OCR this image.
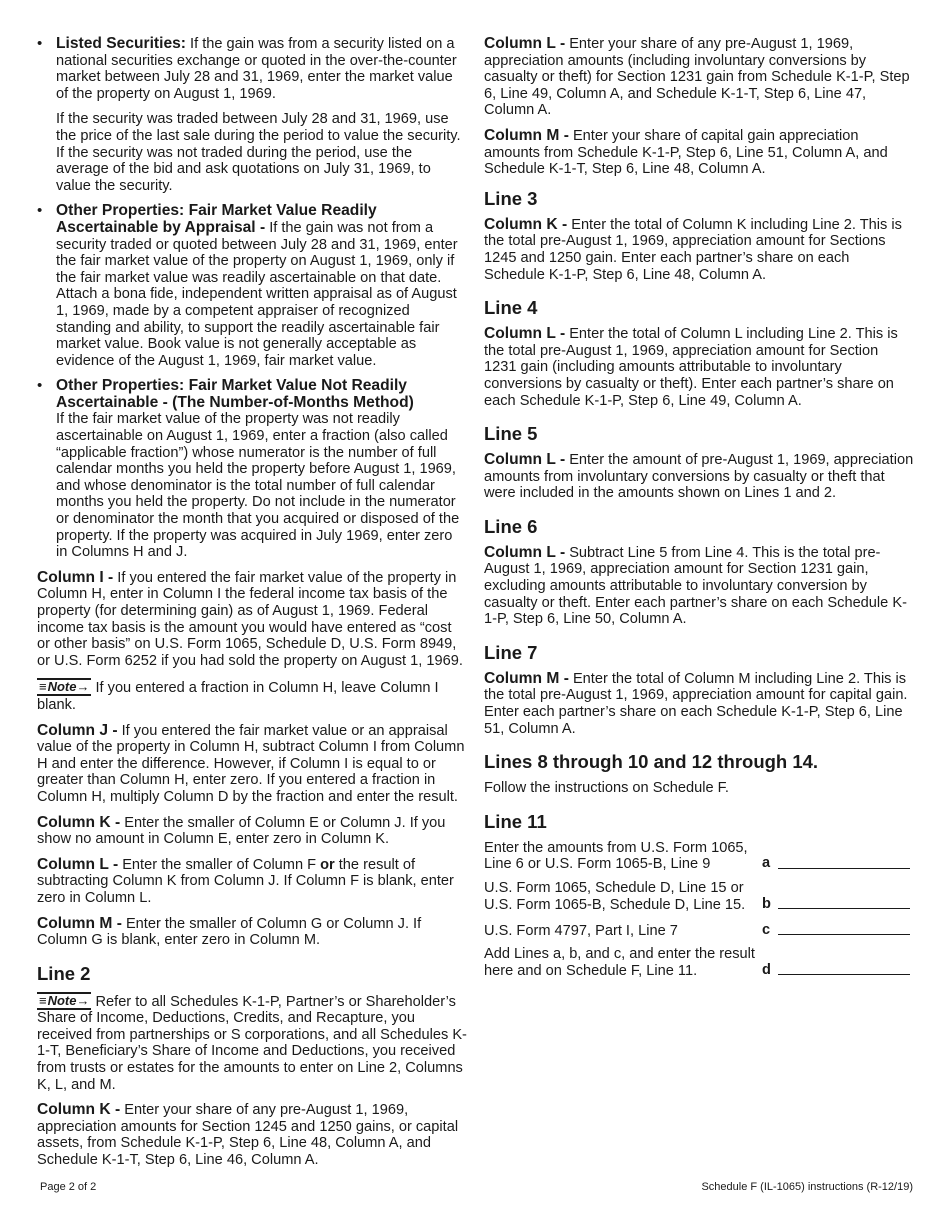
• Listed Securities: If the gain was from a security listed on a national securities exchange or quoted in the over-the-counter market between July 28 and 31, 1969, enter the market value of the property on August 1, 1969.

If the security was traded between July 28 and 31, 1969, use the price of the last sale during the period to value the security. If the security was not traded during the period, use the average of the bid and ask quotations on July 31, 1969, to value the security.

• Other Properties: Fair Market Value Readily Ascertainable by Appraisal - If the gain was not from a security traded or quoted between July 28 and 31, 1969, enter the fair market value of the property on August 1, 1969, only if the fair market value was readily ascertainable on that date. Attach a bona fide, independent written appraisal as of August 1, 1969, made by a competent appraiser of recognized standing and ability, to support the readily ascertainable fair market value. Book value is not generally acceptable as evidence of the August 1, 1969, fair market value.

• Other Properties: Fair Market Value Not Readily Ascertainable - (The Number-of-Months Method)
If the fair market value of the property was not readily ascertainable on August 1, 1969, enter a fraction (also called “applicable fraction”) whose numerator is the number of full calendar months you held the property before August 1, 1969, and whose denominator is the total number of full calendar months you held the property. Do not include in the numerator or denominator the month that you acquired or disposed of the property. If the property was acquired in July 1969, enter zero in Columns H and J.

Column I - If you entered the fair market value of the property in Column H, enter in Column I the federal income tax basis of the property (for determining gain) as of August 1, 1969. Federal income tax basis is the amount you would have entered as “cost or other basis” on U.S. Form 1065, Schedule D, U.S. Form 8949, or U.S. Form 6252 if you had sold the property on August 1, 1969.

≡Note→ If you entered a fraction in Column H, leave Column I blank.

Column J - If you entered the fair market value or an appraisal value of the property in Column H, subtract Column I from Column H and enter the difference. However, if Column I is equal to or greater than Column H, enter zero. If you entered a fraction in Column H, multiply Column D by the fraction and enter the result.

Column K - Enter the smaller of Column E or Column J. If you show no amount in Column E, enter zero in Column K.

Column L - Enter the smaller of Column F or the result of subtracting Column K from Column J. If Column F is blank, enter zero in Column L.

Column M - Enter the smaller of Column G or Column J. If Column G is blank, enter zero in Column M.

Line 2

≡Note→ Refer to all Schedules K-1-P, Partner’s or Shareholder’s Share of Income, Deductions, Credits, and Recapture, you received from partnerships or S corporations, and all Schedules K-1-T, Beneficiary’s Share of Income and Deductions, you received from trusts or estates for the amounts to enter on Line 2, Columns K, L, and M.

Column K - Enter your share of any pre-August 1, 1969, appreciation amounts for Section 1245 and 1250 gains, or capital assets, from Schedule K-1-P, Step 6, Line 48, Column A, and Schedule K-1-T, Step 6, Line 46, Column A.

Column L - Enter your share of any pre-August 1, 1969, appreciation amounts (including involuntary conversions by casualty or theft) for Section 1231 gain from Schedule K-1-P, Step 6, Line 49, Column A, and Schedule K-1-T, Step 6, Line 47, Column A.

Column M - Enter your share of capital gain appreciation amounts from Schedule K-1-P, Step 6, Line 51, Column A, and Schedule K-1-T, Step 6, Line 48, Column A.

Line 3

Column K - Enter the total of Column K including Line 2. This is the total pre-August 1, 1969, appreciation amount for Sections 1245 and 1250 gain. Enter each partner’s share on each Schedule K-1-P, Step 6, Line 48, Column A.

Line 4

Column L - Enter the total of Column L including Line 2. This is the total pre-August 1, 1969, appreciation amount for Section 1231 gain (including amounts attributable to involuntary conversions by casualty or theft). Enter each partner’s share on each Schedule K-1-P, Step 6, Line 49, Column A.

Line 5

Column L - Enter the amount of pre-August 1, 1969, appreciation amounts from involuntary conversions by casualty or theft that were included in the amounts shown on Lines 1 and 2.

Line 6

Column L - Subtract Line 5 from Line 4. This is the total pre-August 1, 1969, appreciation amount for Section 1231 gain, excluding amounts attributable to involuntary conversion by casualty or theft. Enter each partner’s share on each Schedule K-1-P, Step 6, Line 50, Column A.

Line 7

Column M - Enter the total of Column M including Line 2. This is the total pre-August 1, 1969, appreciation amount for capital gain. Enter each partner’s share on each Schedule K-1-P, Step 6, Line 51, Column A.

Lines 8 through 10 and 12 through 14.

Follow the instructions on Schedule F.

Line 11
Enter the amounts from U.S. Form 1065, Line 6 or U.S. Form 1065-B, Line 9	a
U.S. Form 1065, Schedule D, Line 15 or U.S. Form 1065-B, Schedule D, Line 15.	b
U.S. Form 4797, Part I, Line 7	c
Add Lines a, b, and c, and enter the result here and on Schedule F, Line 11.	d
Page 2 of 2	Schedule F (IL-1065) instructions (R-12/19)
